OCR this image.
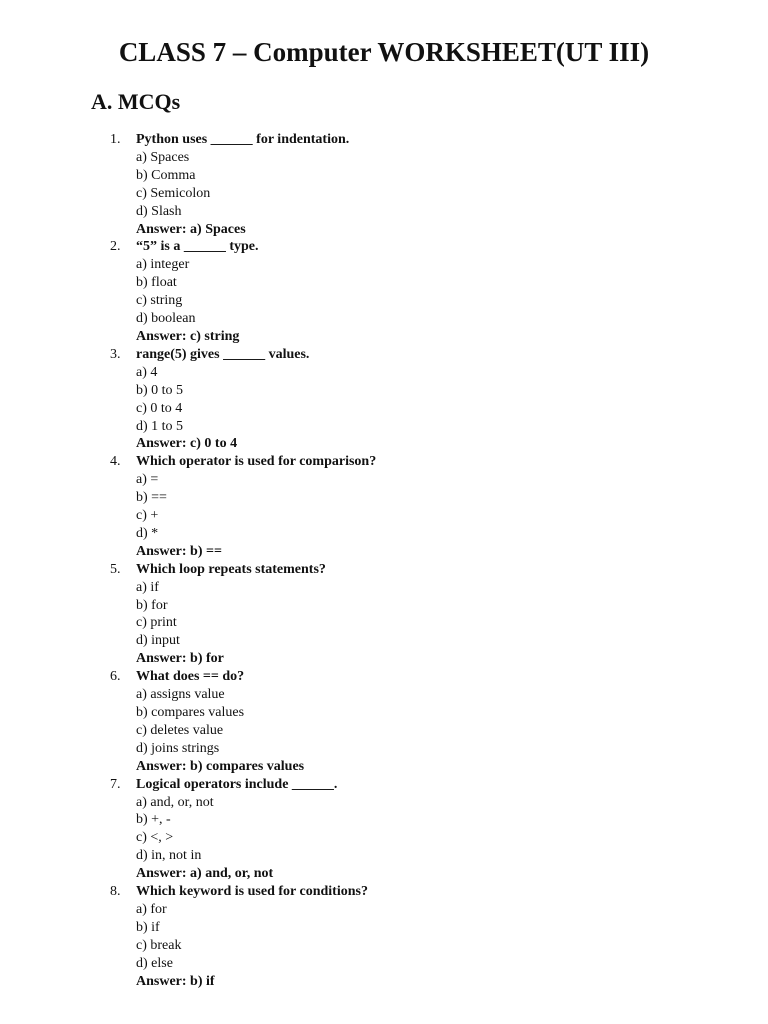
CLASS 7 – Computer WORKSHEET(UT III)
A. MCQs
1.	Python uses ______ for indentation.
a) Spaces
b) Comma
c) Semicolon
d) Slash
Answer: a) Spaces
2.	“5” is a ______ type.
a) integer
b) float
c) string
d) boolean
Answer: c) string
3.	range(5) gives ______ values.
a) 4
b) 0 to 5
c) 0 to 4
d) 1 to 5
Answer: c) 0 to 4
4.	Which operator is used for comparison?
a) =
b) ==
c) +
d) *
Answer: b) ==
5.	Which loop repeats statements?
a) if
b) for
c) print
d) input
Answer: b) for
6.	What does == do?
a) assigns value
b) compares values
c) deletes value
d) joins strings
Answer: b) compares values
7.	Logical operators include ______.
a) and, or, not
b) +, -
c) <, >
d) in, not in
Answer: a) and, or, not
8.	Which keyword is used for conditions?
a) for
b) if
c) break
d) else
Answer: b) if
